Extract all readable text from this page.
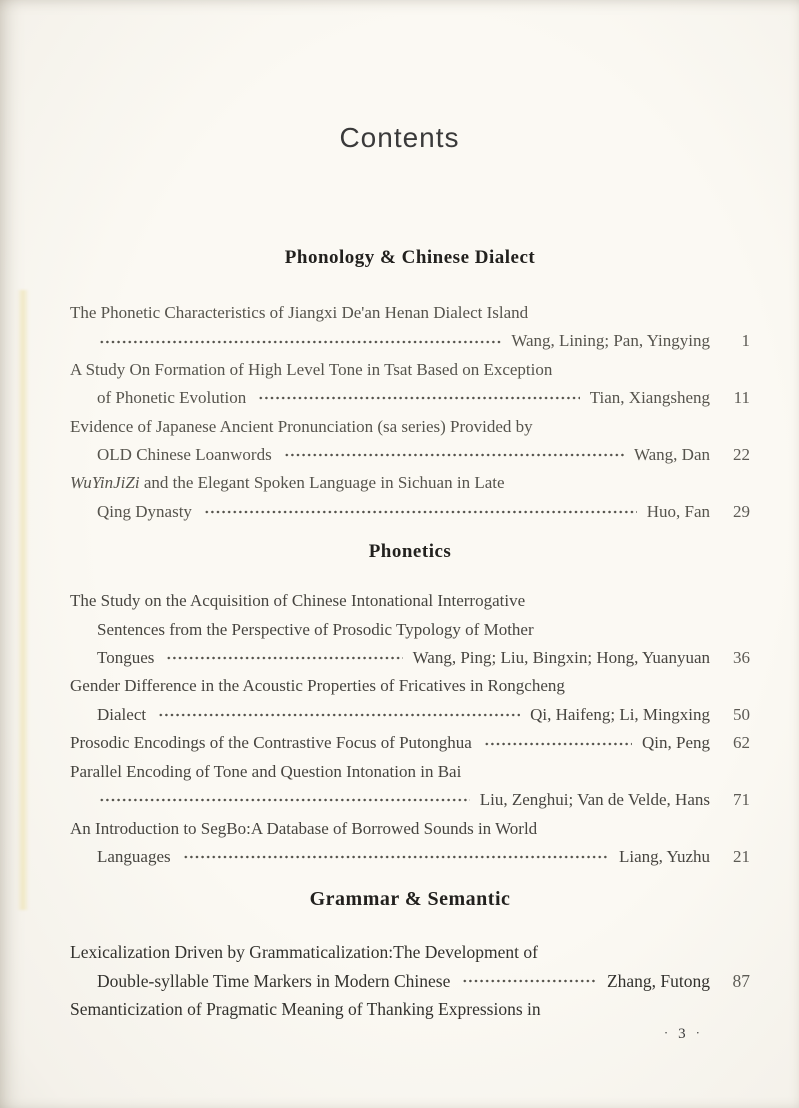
Contents
Phonology & Chinese Dialect
The Phonetic Characteristics of Jiangxi De'an Henan Dialect Island
Wang, Lining; Pan, Yingying	1
A Study On Formation of High Level Tone in Tsat Based on Exception
of Phonetic Evolution	Tian, Xiangsheng	11
Evidence of Japanese Ancient Pronunciation (sa series) Provided by
OLD Chinese Loanwords	Wang, Dan	22
WuYinJiZi and the Elegant Spoken Language in Sichuan in Late
Qing Dynasty	Huo, Fan	29
Phonetics
The Study on the Acquisition of Chinese Intonational Interrogative
Sentences from the Perspective of Prosodic Typology of Mother
Tongues	Wang, Ping; Liu, Bingxin; Hong, Yuanyuan	36
Gender Difference in the Acoustic Properties of Fricatives in Rongcheng
Dialect	Qi, Haifeng; Li, Mingxing	50
Prosodic Encodings of the Contrastive Focus of Putonghua	Qin, Peng	62
Parallel Encoding of Tone and Question Intonation in Bai
Liu, Zenghui; Van de Velde, Hans	71
An Introduction to SegBo:A Database of Borrowed Sounds in World
Languages	Liang, Yuzhu	21
Grammar & Semantic
Lexicalization Driven by Grammaticalization:The Development of
Double-syllable Time Markers in Modern Chinese	Zhang, Futong	87
Semanticization of Pragmatic Meaning of Thanking Expressions in
· 3 ·
